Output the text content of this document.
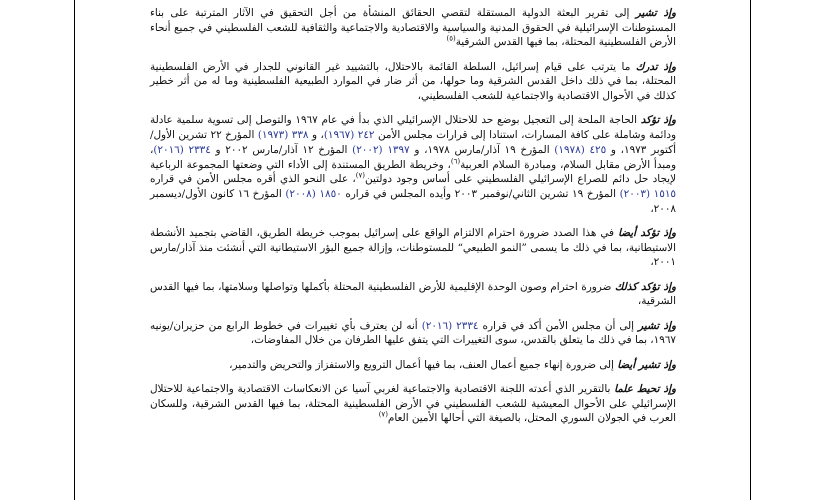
وإذ تشير إلى تقرير البعثة الدولية المستقلة لتقصي الحقائق المنشأة من أجل التحقيق في الآثار المترتبة على بناء المستوطنات الإسرائيلية في الحقوق المدنية والسياسية والاقتصادية والاجتماعية والثقافية للشعب الفلسطيني في جميع أنحاء الأرض الفلسطينية المحتلة، بما فيها القدس الشرقية$^{(٥)}$

وإذ تدرك ما يترتب على قيام إسرائيل، السلطة القائمة بالاحتلال، بالتشييد غير القانوني للجدار في الأرض الفلسطينية المحتلة، بما في ذلك داخل القدس الشرقية وما حولها، من أثر ضار في الموارد الطبيعية الفلسطينية وما له من أثر خطير كذلك في الأحوال الاقتصادية والاجتماعية للشعب الفلسطيني،

وإذ تؤكد الحاجة الملحة إلى التعجيل بوضع حد للاحتلال الإسرائيلي الذي بدأ في عام ١٩٦٧ والتوصل إلى تسوية سلمية عادلة ودائمة وشاملة على كافة المسارات، استنادا إلى قرارات مجلس الأمن ٢٤٢ (١٩٦٧)، و ٣٣٨ (١٩٧٣) المؤرخ ٢٢ تشرين الأول/أكتوبر ١٩٧٣، و ٤٢٥ (١٩٧٨) المؤرخ ١٩ آذار/مارس ١٩٧٨، و ١٣٩٧ (٢٠٠٢) المؤرخ ١٢ آذار/مارس ٢٠٠٢ و ٢٣٣٤ (٢٠١٦)، ومبدأ الأرض مقابل السلام، ومبادرة السلام العربية$^{(٦)}$، وخريطة الطريق المستندة إلى الأداء التي وضعتها المجموعة الرباعية لإيجاد حل دائم للصراع الإسرائيلي الفلسطيني على أساس وجود دولتين$^{(٧)}$، على النحو الذي أقره مجلس الأمن في قراره ١٥١٥ (٢٠٠٣) المؤرخ ١٩ تشرين الثاني/نوفمبر ٢٠٠٣ وأيده المجلس في قراره ١٨٥٠ (٢٠٠٨) المؤرخ ١٦ كانون الأول/ديسمبر ٢٠٠٨،

وإذ تؤكد أيضا في هذا الصدد ضرورة احترام الالتزام الواقع على إسرائيل بموجب خريطة الطريق، القاضي بتجميد الأنشطة الاستيطانية، بما في ذلك ما يسمى ”النمو الطبيعي“ للمستوطنات، وإزالة جميع البؤر الاستيطانية التي أنشئت منذ آذار/مارس ٢٠٠١،

وإذ تؤكد كذلك ضرورة احترام وصون الوحدة الإقليمية للأرض الفلسطينية المحتلة بأكملها وتواصلها وسلامتها، بما فيها القدس الشرقية،

وإذ تشير إلى أن مجلس الأمن أكد في قراره ٢٣٣٤ (٢٠١٦) أنه لن يعترف بأي تغييرات في خطوط الرابع من حزيران/يونيه ١٩٦٧، بما في ذلك ما يتعلق بالقدس، سوى التغييرات التي يتفق عليها الطرفان من خلال المفاوضات،

وإذ تشير أيضا إلى ضرورة إنهاء جميع أعمال العنف، بما فيها أعمال الترويع والاستفزاز والتحريض والتدمير،

وإذ تحيط علما بالتقرير الذي أعدته اللجنة الاقتصادية والاجتماعية لغربي آسيا عن الانعكاسات الاقتصادية والاجتماعية للاحتلال الإسرائيلي على الأحوال المعيشية للشعب الفلسطيني في الأرض الفلسطينية المحتلة، بما فيها القدس الشرقية، وللسكان العرب في الجولان السوري المحتل، بالصيغة التي أحالها الأمين العام$^{(٧)}$
